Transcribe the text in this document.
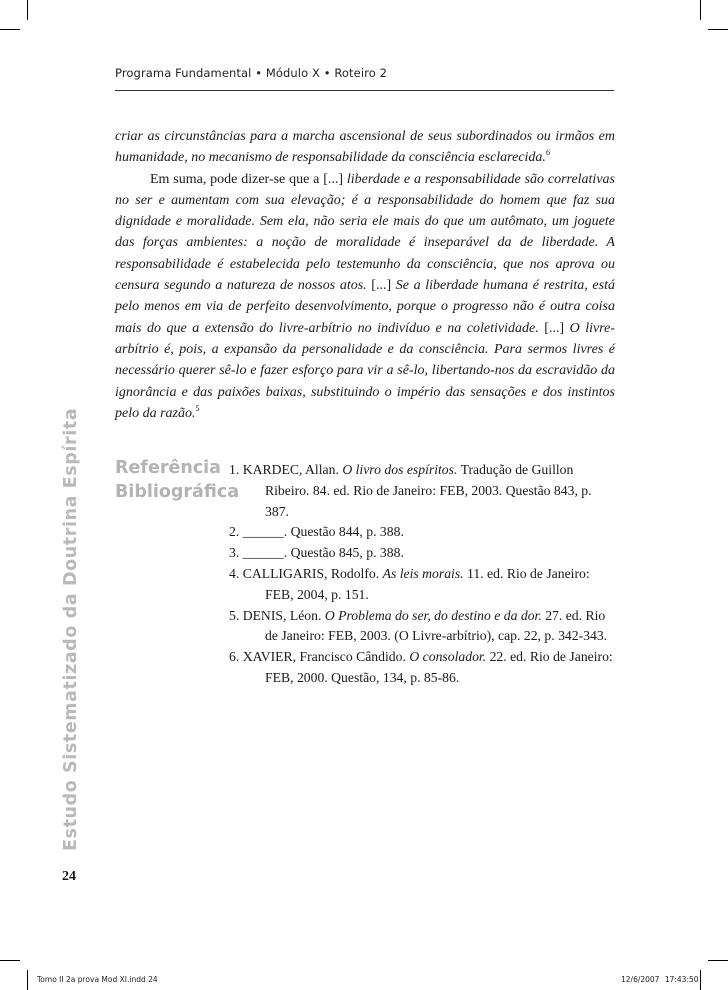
Programa Fundamental • Módulo X • Roteiro 2

criar as circunstâncias para a marcha ascensional de seus subordinados ou irmãos em humanidade, no mecanismo de responsabilidade da consciência esclarecida.$^6$

Em suma, pode dizer-se que a [...] liberdade e a responsabilidade são correlativas no ser e aumentam com sua elevação; é a responsabilidade do homem que faz sua dignidade e moralidade. Sem ela, não seria ele mais do que um autômato, um joguete das forças ambientes: a noção de moralidade é inseparável da de liberdade. A responsabilidade é estabelecida pelo testemunho da consciência, que nos aprova ou censura segundo a natureza de nossos atos. [...] Se a liberdade humana é restrita, está pelo menos em via de perfeito desenvolvimento, porque o progresso não é outra coisa mais do que a extensão do livre-arbítrio no indivíduo e na coletividade. [...] O livre-arbítrio é, pois, a expansão da personalidade e da consciência. Para sermos livres é necessário querer sê-lo e fazer esforço para vir a sê-lo, libertando-nos da escravidão da ignorância e das paixões baixas, substituindo o império das sensações e dos instintos pelo da razão.$^5$

Estudo Sistematizado da Doutrina Espírita Referência
Bibliográfica
1. KARDEC, Allan. O livro dos espíritos. Tradução de Guillon Ribeiro. 84. ed. Rio de Janeiro: FEB, 2003. Questão 843, p. 387.
2. ______. Questão 844, p. 388.
3. ______. Questão 845, p. 388.
4. CALLIGARIS, Rodolfo. As leis morais. 11. ed. Rio de Janeiro: FEB, 2004, p. 151.
5. DENIS, Léon. O Problema do ser, do destino e da dor. 27. ed. Rio de Janeiro: FEB, 2003. (O Livre-arbítrio), cap. 22, p. 342-343.
6. XAVIER, Francisco Cândido. O consolador. 22. ed. Rio de Janeiro: FEB, 2000. Questão, 134, p. 85-86.
24
Tomo II 2a prova Mod XI.indd 24	12/6/2007 17:43:50
